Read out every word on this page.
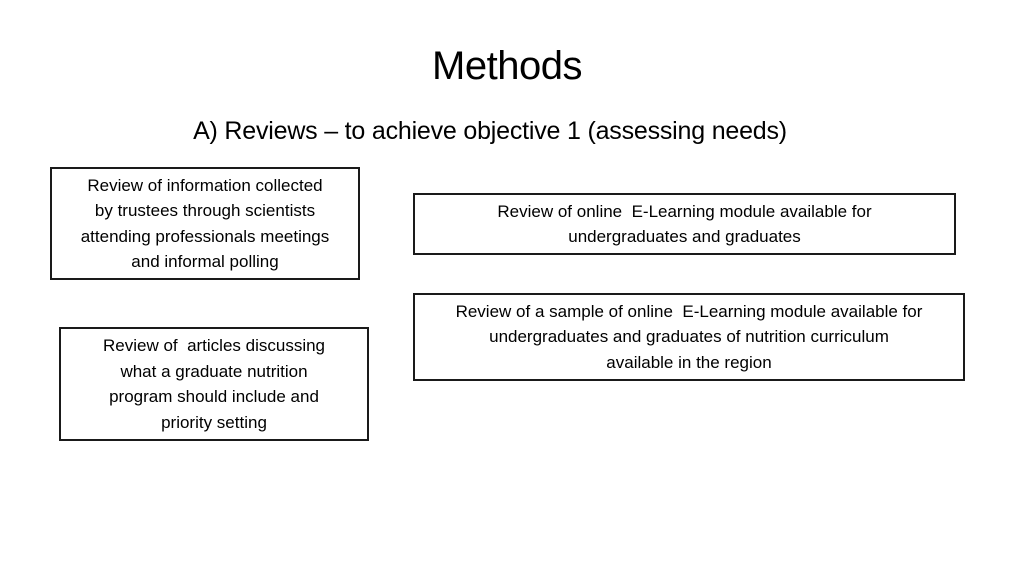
Methods
A) Reviews – to achieve objective 1 (assessing needs)
Review of information collected
by trustees through scientists
attending professionals meetings
and informal polling
Review of online  E-Learning module available for
undergraduates and graduates
Review of a sample of online  E-Learning module available for
undergraduates and graduates of nutrition curriculum
available in the region
Review of  articles discussing
what a graduate nutrition
program should include and
priority setting
